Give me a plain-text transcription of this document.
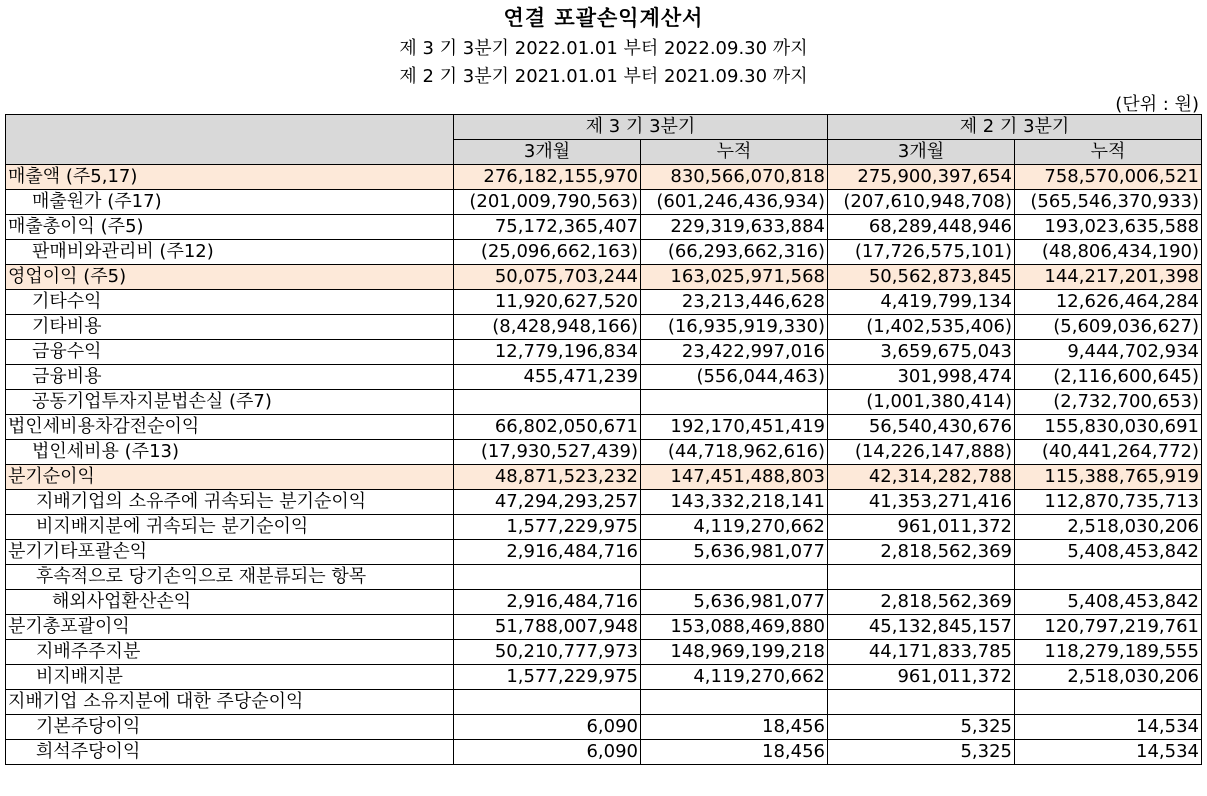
연결 포괄손익계산서
제 3 기 3분기 2022.01.01 부터 2022.09.30 까지
제 2 기 3분기 2021.01.01 부터 2021.09.30 까지
(단위 : 원)
	제 3 기 3분기		제 2 기 3분기	
	3개월	누적	3개월	누적
매출액 (주5,17)	276,182,155,970	830,566,070,818	275,900,397,654	758,570,006,521
매출원가 (주17)	(201,009,790,563)	(601,246,436,934)	(207,610,948,708)	(565,546,370,933)
매출총이익 (주5)	75,172,365,407	229,319,633,884	68,289,448,946	193,023,635,588
판매비와관리비 (주12)	(25,096,662,163)	(66,293,662,316)	(17,726,575,101)	(48,806,434,190)
영업이익 (주5)	50,075,703,244	163,025,971,568	50,562,873,845	144,217,201,398
기타수익	11,920,627,520	23,213,446,628	4,419,799,134	12,626,464,284
기타비용	(8,428,948,166)	(16,935,919,330)	(1,402,535,406)	(5,609,036,627)
금융수익	12,779,196,834	23,422,997,016	3,659,675,043	9,444,702,934
금융비용	455,471,239	(556,044,463)	301,998,474	(2,116,600,645)
공동기업투자지분법손실 (주7)			(1,001,380,414)	(2,732,700,653)
법인세비용차감전순이익	66,802,050,671	192,170,451,419	56,540,430,676	155,830,030,691
법인세비용 (주13)	(17,930,527,439)	(44,718,962,616)	(14,226,147,888)	(40,441,264,772)
분기순이익	48,871,523,232	147,451,488,803	42,314,282,788	115,388,765,919
지배기업의 소유주에 귀속되는 분기순이익	47,294,293,257	143,332,218,141	41,353,271,416	112,870,735,713
비지배지분에 귀속되는 분기순이익	1,577,229,975	4,119,270,662	961,011,372	2,518,030,206
분기기타포괄손익	2,916,484,716	5,636,981,077	2,818,562,369	5,408,453,842
후속적으로 당기손익으로 재분류되는 항목				
해외사업환산손익	2,916,484,716	5,636,981,077	2,818,562,369	5,408,453,842
분기총포괄이익	51,788,007,948	153,088,469,880	45,132,845,157	120,797,219,761
지배주주지분	50,210,777,973	148,969,199,218	44,171,833,785	118,279,189,555
비지배지분	1,577,229,975	4,119,270,662	961,011,372	2,518,030,206
지배기업 소유지분에 대한 주당순이익				
기본주당이익	6,090	18,456	5,325	14,534
희석주당이익	6,090	18,456	5,325	14,534
